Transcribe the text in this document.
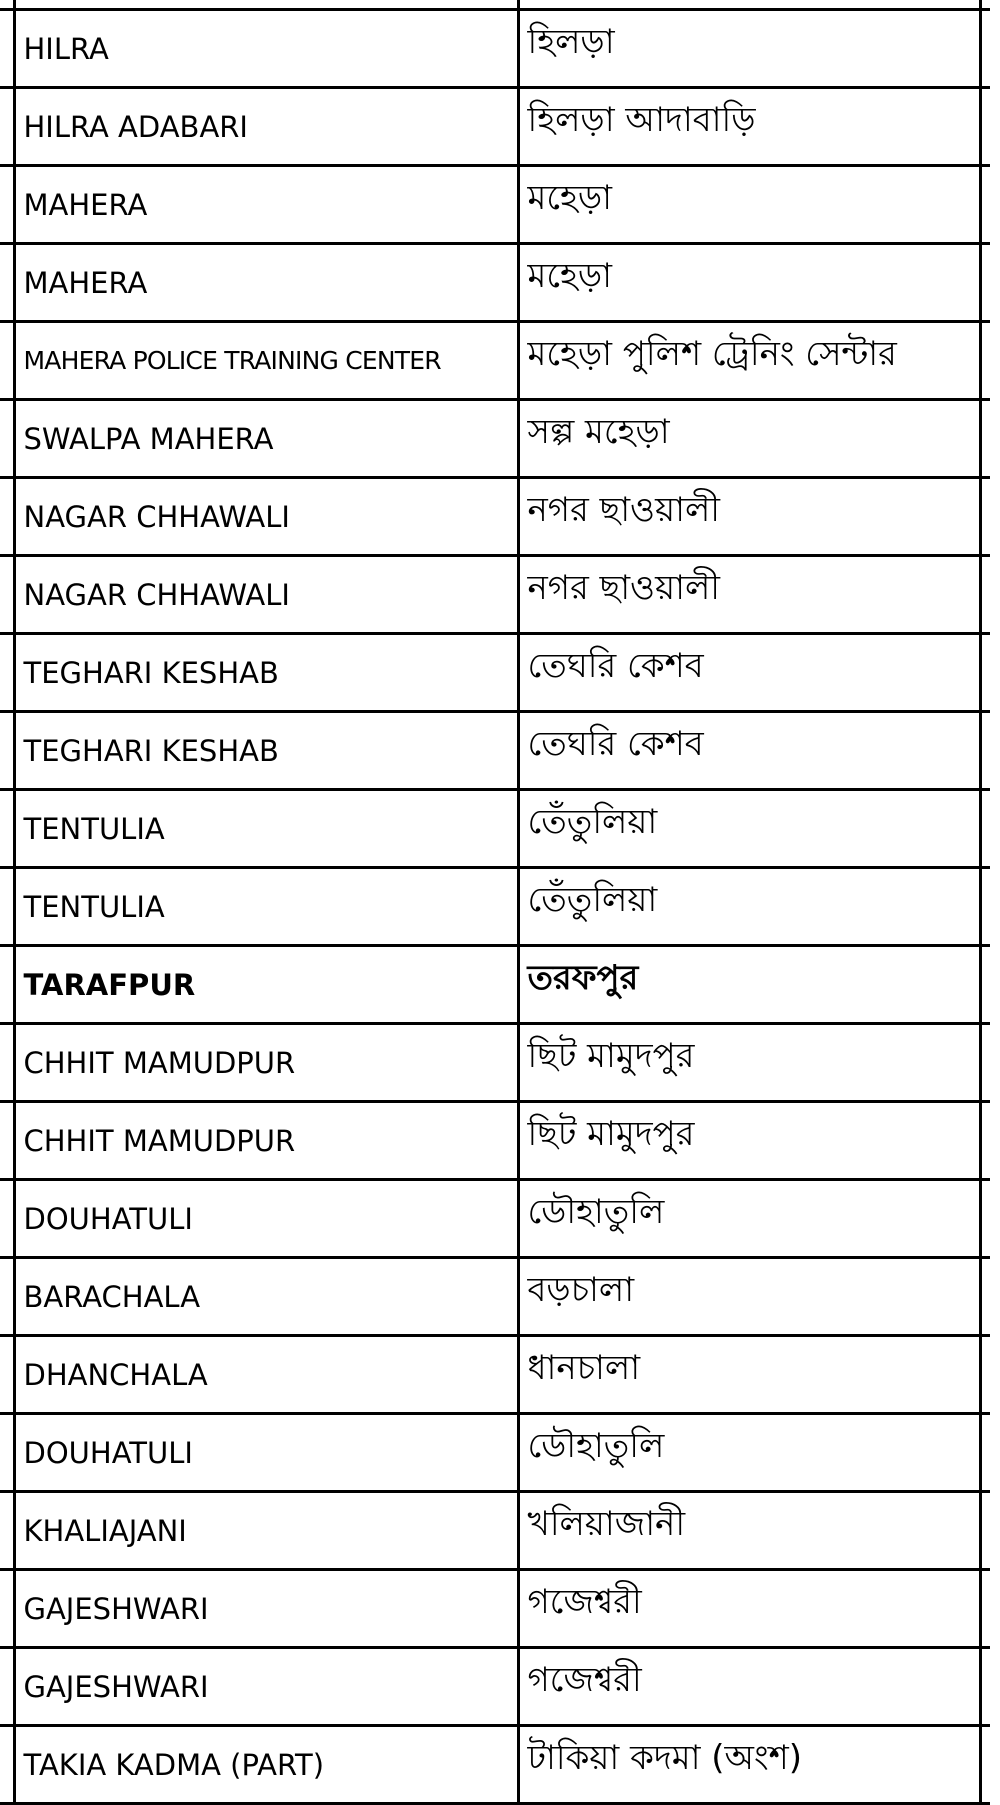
	HILRA	হিলড়া	
	HILRA ADABARI	হিলড়া আদাবাড়ি	
	MAHERA	মহেড়া	
	MAHERA	মহেড়া	
	MAHERA POLICE TRAINING CENTER	মহেড়া পুলিশ ট্রেনিং সেন্টার	
	SWALPA MAHERA	সল্প মহেড়া	
	NAGAR CHHAWALI	নগর ছাওয়ালী	
	NAGAR CHHAWALI	নগর ছাওয়ালী	
	TEGHARI KESHAB	তেঘরি কেশব	
	TEGHARI KESHAB	তেঘরি কেশব	
	TENTULIA	তেঁতুলিয়া	
	TENTULIA	তেঁতুলিয়া	
	TARAFPUR	তরফপুর	
	CHHIT MAMUDPUR	ছিট মামুদপুর	
	CHHIT MAMUDPUR	ছিট মামুদপুর	
	DOUHATULI	ডৌহাতুলি	
	BARACHALA	বড়চালা	
	DHANCHALA	ধানচালা	
	DOUHATULI	ডৌহাতুলি	
	KHALIAJANI	খলিয়াজানী	
	GAJESHWARI	গজেশ্বরী	
	GAJESHWARI	গজেশ্বরী	
	TAKIA KADMA (PART)	টাকিয়া কদমা (অংশ)	
